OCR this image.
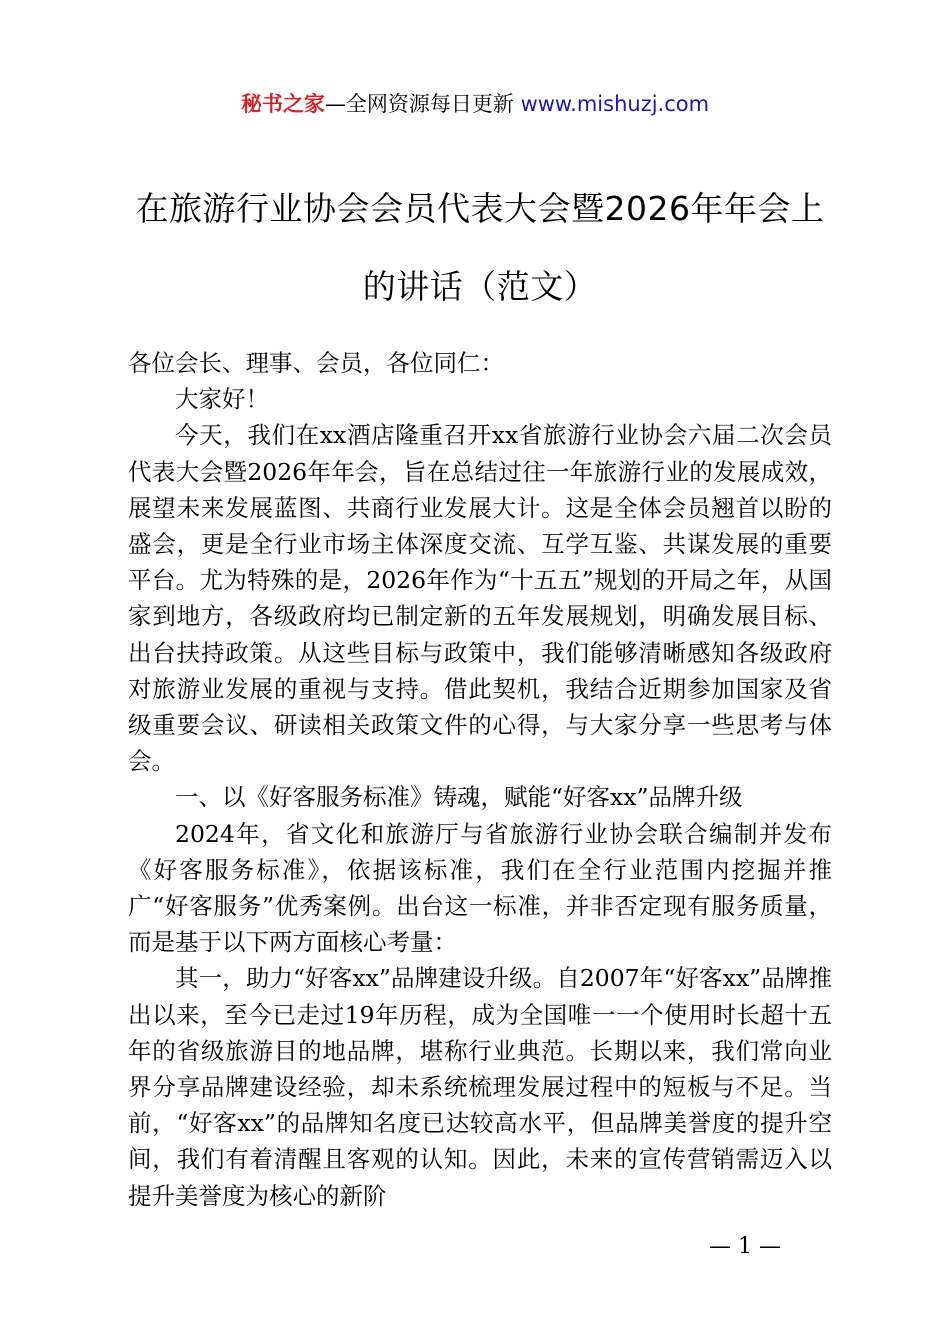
秘书之家—全网资源每日更新 www.mishuzj.com
在旅游行业协会会员代表大会暨2026年年会上的讲话（范文）

各位会长、理事、会员，各位同仁：

大家好！

今天，我们在xx酒店隆重召开xx省旅游行业协会六届二次会员代表大会暨2026年年会，旨在总结过往一年旅游行业的发展成效，展望未来发展蓝图、共商行业发展大计。这是全体会员翘首以盼的盛会，更是全行业市场主体深度交流、互学互鉴、共谋发展的重要平台。尤为特殊的是，2026年作为“十五五”规划的开局之年，从国家到地方，各级政府均已制定新的五年发展规划，明确发展目标、出台扶持政策。从这些目标与政策中，我们能够清晰感知各级政府对旅游业发展的重视与支持。借此契机，我结合近期参加国家及省级重要会议、研读相关政策文件的心得，与大家分享一些思考与体会。

一、以《好客服务标准》铸魂，赋能“好客xx”品牌升级

2024年，省文化和旅游厅与省旅游行业协会联合编制并发布《好客服务标准》，依据该标准，我们在全行业范围内挖掘并推广“好客服务”优秀案例。出台这一标准，并非否定现有服务质量，而是基于以下两方面核心考量：

其一，助力“好客xx”品牌建设升级。自2007年“好客xx”品牌推出以来，至今已走过19年历程，成为全国唯一一个使用时长超十五年的省级旅游目的地品牌，堪称行业典范。长期以来，我们常向业界分享品牌建设经验，却未系统梳理发展过程中的短板与不足。当前，“好客xx”的品牌知名度已达较高水平，但品牌美誉度的提升空间，我们有着清醒且客观的认知。因此，未来的宣传营销需迈入以提升美誉度为核心的新阶

— 1 —
